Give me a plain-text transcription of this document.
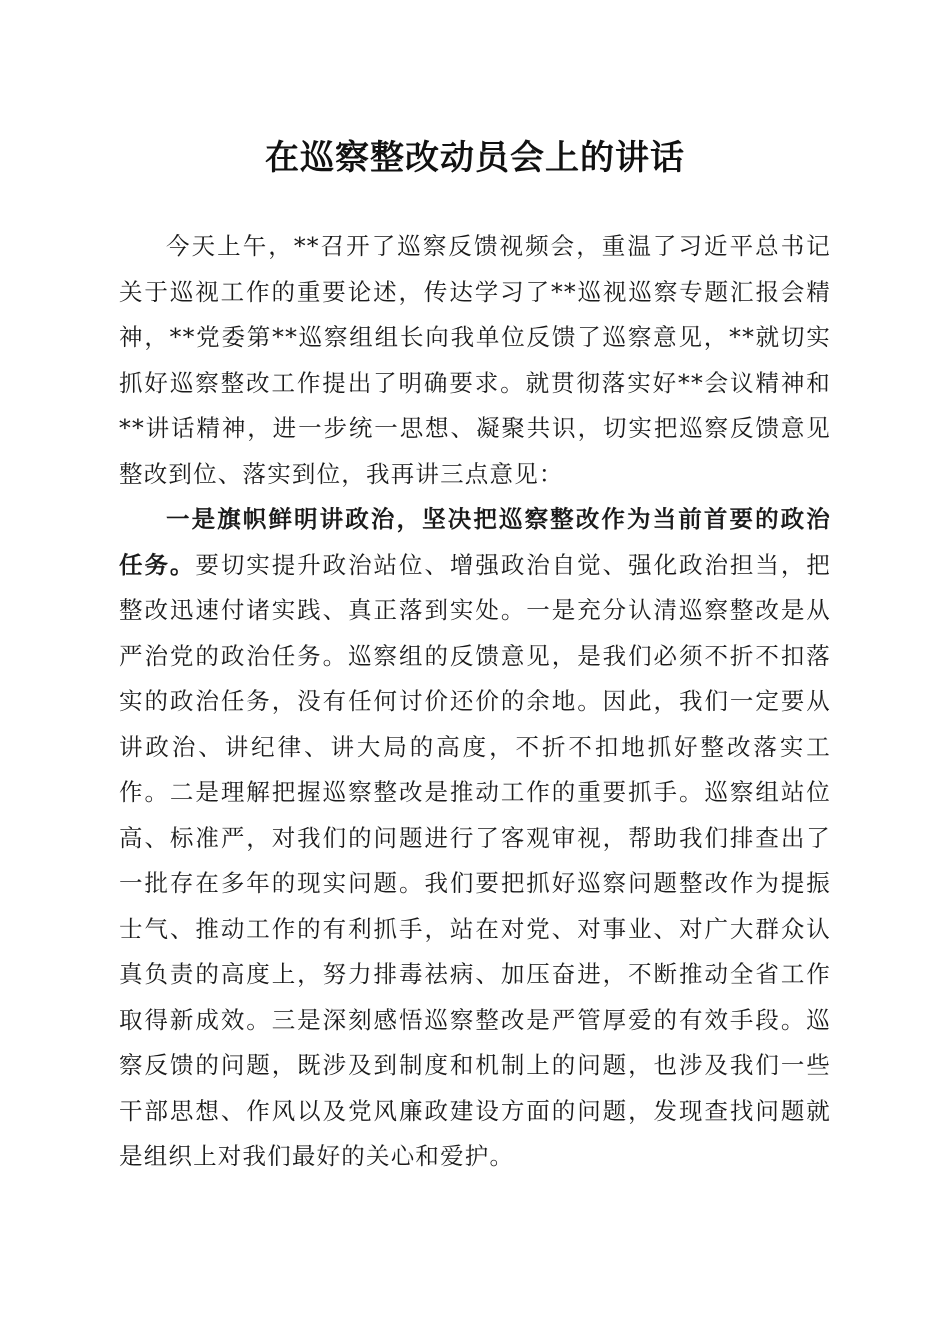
在巡察整改动员会上的讲话

今天上午，**召开了巡察反馈视频会，重温了习近平总书记关于巡视工作的重要论述，传达学习了**巡视巡察专题汇报会精神，**党委第**巡察组组长向我单位反馈了巡察意见，**就切实抓好巡察整改工作提出了明确要求。就贯彻落实好**会议精神和**讲话精神，进一步统一思想、凝聚共识，切实把巡察反馈意见整改到位、落实到位，我再讲三点意见：

一是旗帜鲜明讲政治，坚决把巡察整改作为当前首要的政治任务。要切实提升政治站位、增强政治自觉、强化政治担当，把整改迅速付诸实践、真正落到实处。一是充分认清巡察整改是从严治党的政治任务。巡察组的反馈意见，是我们必须不折不扣落实的政治任务，没有任何讨价还价的余地。因此，我们一定要从讲政治、讲纪律、讲大局的高度，不折不扣地抓好整改落实工作。二是理解把握巡察整改是推动工作的重要抓手。巡察组站位高、标准严，对我们的问题进行了客观审视，帮助我们排查出了一批存在多年的现实问题。我们要把抓好巡察问题整改作为提振士气、推动工作的有利抓手，站在对党、对事业、对广大群众认真负责的高度上，努力排毒祛病、加压奋进，不断推动全省工作取得新成效。三是深刻感悟巡察整改是严管厚爱的有效手段。巡察反馈的问题，既涉及到制度和机制上的问题，也涉及我们一些干部思想、作风以及党风廉政建设方面的问题，发现查找问题就是组织上对我们最好的关心和爱护。
